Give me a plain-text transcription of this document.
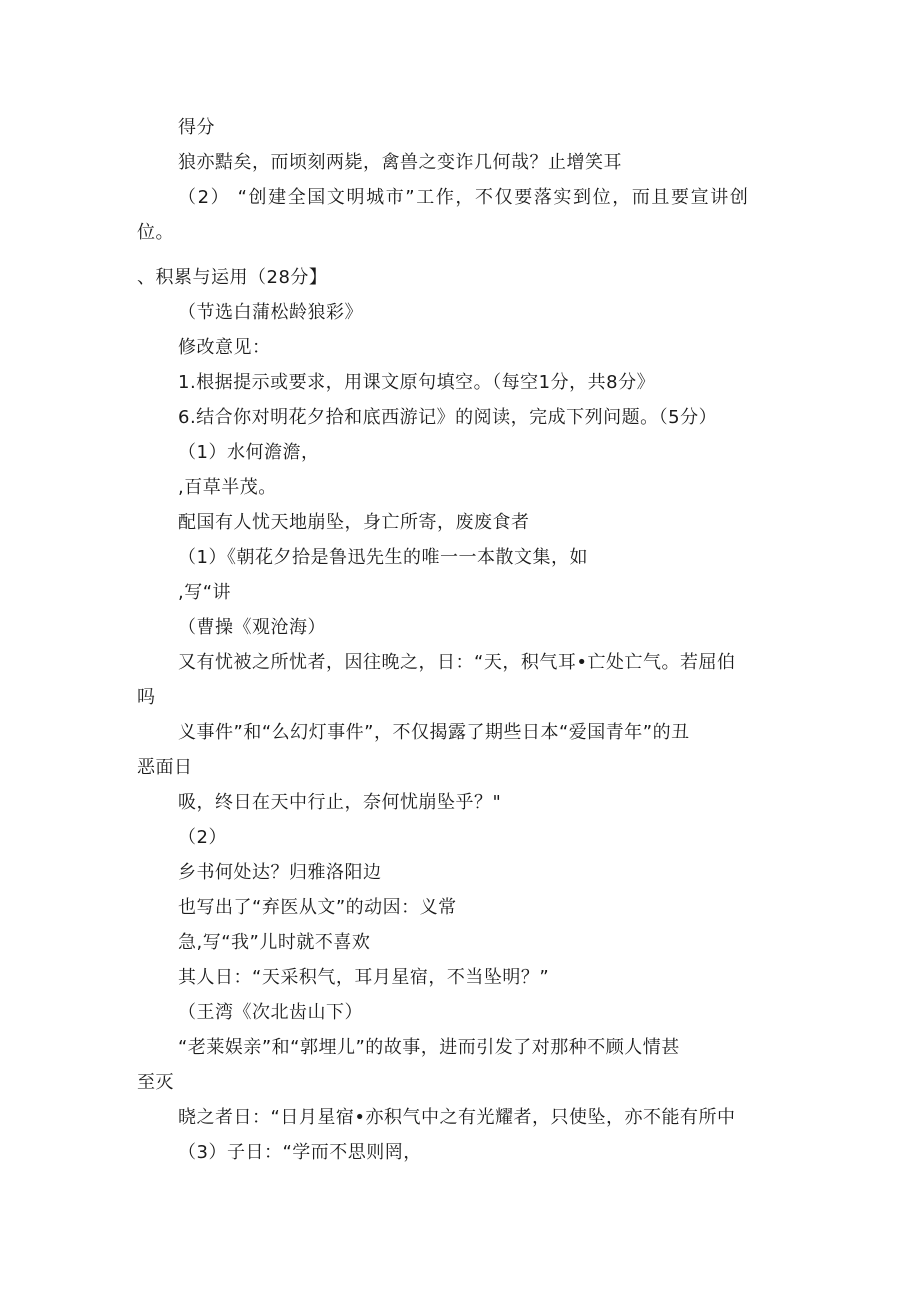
得分
狼亦黠矣，而顷刻两毙，禽兽之变诈几何哉？止增笑耳
（2） “创建全国文明城市”工作，不仅要落实到位，而且要宣讲创
位。
、积累与运用（28分】
（节选白蒲松龄狼彩》
修改意见：
1.根据提示或要求，用课文原句填空。（每空1分，共8分》
6.结合你对明花夕拾和底西游记》的阅读，完成下列问题。（5分）
（1）水何澹澹，
,百草半茂。
配国有人忧天地崩坠，身亡所寄，废废食者
（1）《朝花夕拾是鲁迅先生的唯一一本散文集，如
,写“讲
（曹操《观沧海）
又有忧被之所忧者，因往晚之，日：“天，积气耳•亡处亡气。若屈伯
吗
义事件”和“么幻灯事件”，不仅揭露了期些日本“爱国青年”的丑
恶面日
吸，终日在天中行止，奈何忧崩坠乎？"
（2）
乡书何处达？归雅洛阳边
也写出了“弃医从文”的动因：义常
急,写“我”儿时就不喜欢
其人日：“天采积气，耳月星宿，不当坠明？”
（王湾《次北齿山下）
“老莱娱亲”和“郭埋儿”的故事，进而引发了对那种不顾人情甚
至灭
晓之者日：“日月星宿•亦积气中之有光耀者，只使坠，亦不能有所中
（3）子日：“学而不思则罔，
